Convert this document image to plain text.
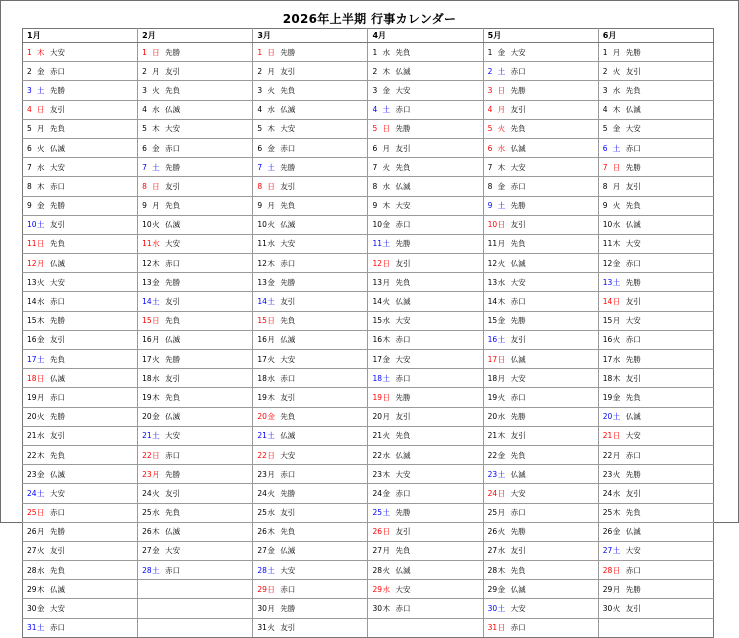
2026年上半期 行事カレンダー
1月	2月	3月	4月	5月	6月
1 木 大安	1 日 先勝	1 日 先勝	1 水 先負	1 金 大安	1 月 先勝
2 金 赤口	2 月 友引	2 月 友引	2 木 仏滅	2 土 赤口	2 火 友引
3 土 先勝	3 火 先負	3 火 先負	3 金 大安	3 日 先勝	3 水 先負
4 日 友引	4 水 仏滅	4 水 仏滅	4 土 赤口	4 月 友引	4 木 仏滅
5 月 先負	5 木 大安	5 木 大安	5 日 先勝	5 火 先負	5 金 大安
6 火 仏滅	6 金 赤口	6 金 赤口	6 月 友引	6 水 仏滅	6 土 赤口
7 水 大安	7 土 先勝	7 土 先勝	7 火 先負	7 木 大安	7 日 先勝
8 木 赤口	8 日 友引	8 日 友引	8 水 仏滅	8 金 赤口	8 月 友引
9 金 先勝	9 月 先負	9 月 先負	9 木 大安	9 土 先勝	9 火 先負
10土 友引	10火 仏滅	10火 仏滅	10金 赤口	10日 友引	10水 仏滅
11日 先負	11水 大安	11水 大安	11土 先勝	11月 先負	11木 大安
12月 仏滅	12木 赤口	12木 赤口	12日 友引	12火 仏滅	12金 赤口
13火 大安	13金 先勝	13金 先勝	13月 先負	13水 大安	13土 先勝
14水 赤口	14土 友引	14土 友引	14火 仏滅	14木 赤口	14日 友引
15木 先勝	15日 先負	15日 先負	15水 大安	15金 先勝	15月 大安
16金 友引	16月 仏滅	16月 仏滅	16木 赤口	16土 友引	16火 赤口
17土 先負	17火 先勝	17火 大安	17金 大安	17日 仏滅	17水 先勝
18日 仏滅	18水 友引	18水 赤口	18土 赤口	18月 大安	18木 友引
19月 赤口	19木 先負	19木 友引	19日 先勝	19火 赤口	19金 先負
20火 先勝	20金 仏滅	20金 先負	20月 友引	20水 先勝	20土 仏滅
21水 友引	21土 大安	21土 仏滅	21火 先負	21木 友引	21日 大安
22木 先負	22日 赤口	22日 大安	22水 仏滅	22金 先負	22月 赤口
23金 仏滅	23月 先勝	23月 赤口	23木 大安	23土 仏滅	23火 先勝
24土 大安	24火 友引	24火 先勝	24金 赤口	24日 大安	24水 友引
25日 赤口	25水 先負	25水 友引	25土 先勝	25月 赤口	25木 先負
26月 先勝	26木 仏滅	26木 先負	26日 友引	26火 先勝	26金 仏滅
27火 友引	27金 大安	27金 仏滅	27月 先負	27水 友引	27土 大安
28水 先負	28土 赤口	28土 大安	28火 仏滅	28木 先負	28日 赤口
29木 仏滅		29日 赤口	29水 大安	29金 仏滅	29月 先勝
30金 大安		30月 先勝	30木 赤口	30土 大安	30火 友引
31土 赤口		31火 友引		31日 赤口	
